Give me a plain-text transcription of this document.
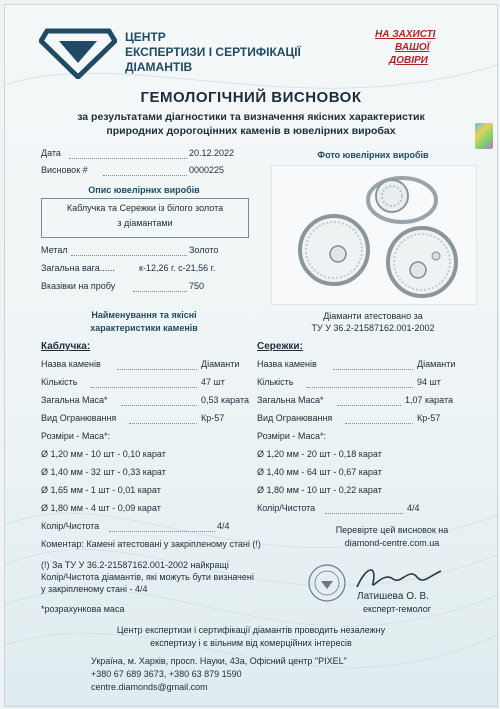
ЦЕНТР
ЕКСПЕРТИЗИ І СЕРТИФІКАЦІЇ
ДІАМАНТІВ
НА ЗАХИСТІ
ВАШОЇ
ДОВІРИ
ГЕМОЛОГІЧНИЙ ВИСНОВОК
за результатами діагностики та визначення якісних характеристик
природних дорогоцінних каменів в ювелірних виробах
Дата	20.12.2022
Висновок #	0000225
Опис ювелірних виробів
Каблучка та Сережки із білого золота
з діамантами
Метал	Золото
Загальна вага......	к-12,26 г. с-21,56 г.
Вказівки на пробу	750
Фото ювелірних виробів
Діаманти атестовано за
ТУ У 36.2-21587162.001-2002
Найменування та якісні
характеристики каменів
Каблучка:
Назва каменів	Діаманти
Кількість	47 шт
Загальна Маса*	0,53 карата
Вид Огранювання	Кр-57
Розміри - Маса*:
Ø 1,20 мм - 10 шт - 0,10 карат
Ø 1,40 мм - 32 шт - 0,33 карат
Ø 1,65 мм - 1 шт - 0,01 карат
Ø 1,80 мм - 4 шт - 0,09 карат
Колір/Чистота	4/4
Сережки:
Назва каменів	Діаманти
Кількість	94 шт
Загальна Маса*	1,07 карата
Вид Огранювання	Кр-57
Розміри - Маса*:
Ø 1,20 мм - 20 шт - 0,18 карат
Ø 1,40 мм - 64 шт - 0,67 карат
Ø 1,80 мм - 10 шт - 0,22 карат
Колір/Чистота	4/4
Перевірте цей висновок на
diamond-centre.com.ua
Коментар: Камені атестовані у закріпленому стані (!)
(!) За ТУ У 36.2-21587162.001-2002 найкращі
Колір/Чистота діамантів, які можуть бути визначені
у закріпленому стані - 4/4
*розрахункова маса
Латишева О. В.
експерт-гемолог
Центр експертизи і сертифікації діамантів проводить незалежну
експертизу і є вільним від комерційних інтересів
Україна, м. Харків, просп. Науки, 43а, Офісний центр "PIXEL"
+380 67 689 3673, +380 63 879 1590
centre.diamonds@gmail.com
